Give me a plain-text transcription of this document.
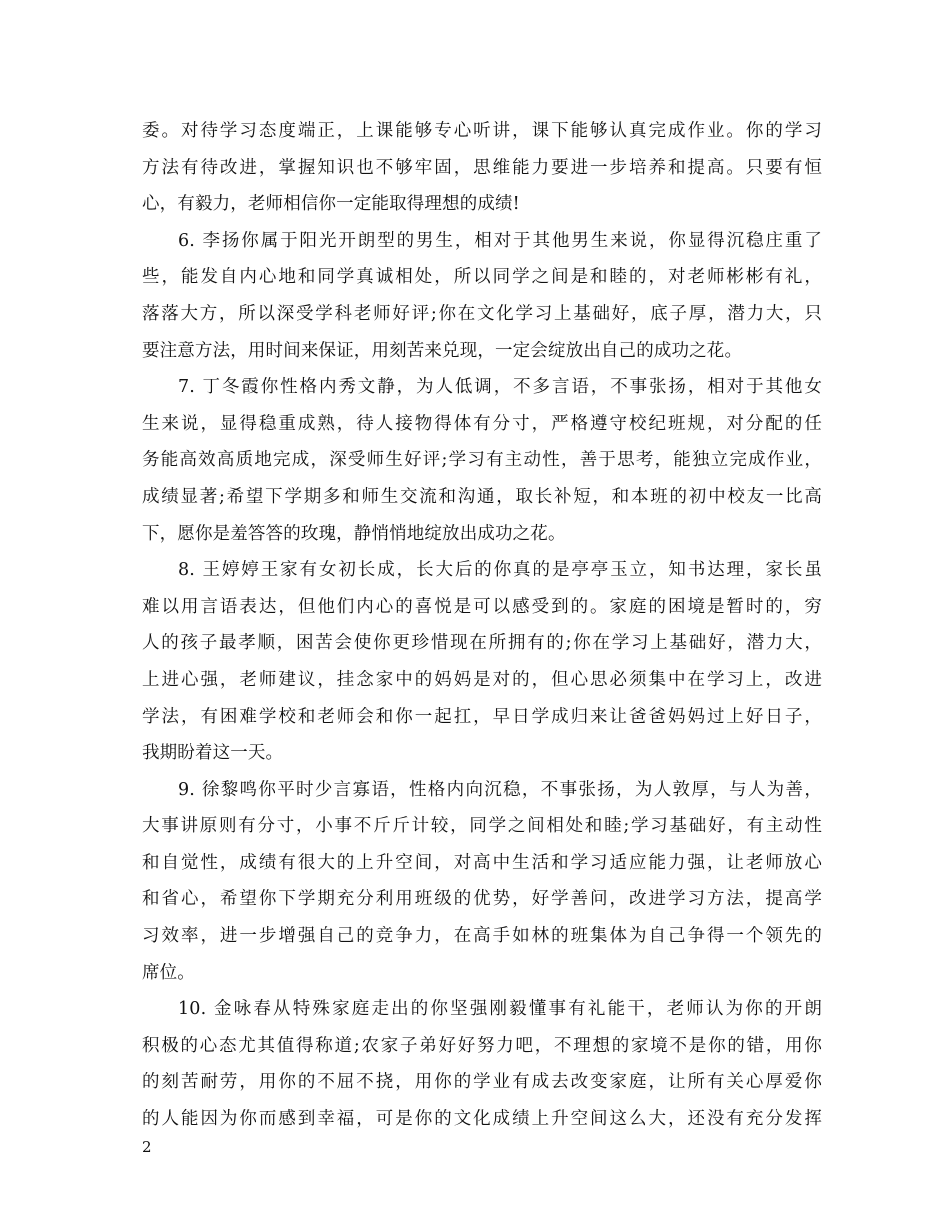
委。对待学习态度端正，上课能够专心听讲，课下能够认真完成作业。你的学习
方法有待改进，掌握知识也不够牢固，思维能力要进一步培养和提高。只要有恒
心，有毅力，老师相信你一定能取得理想的成绩!
6. 李扬你属于阳光开朗型的男生，相对于其他男生来说，你显得沉稳庄重了
些，能发自内心地和同学真诚相处，所以同学之间是和睦的，对老师彬彬有礼，
落落大方，所以深受学科老师好评;你在文化学习上基础好，底子厚，潜力大，只
要注意方法，用时间来保证，用刻苦来兑现，一定会绽放出自己的成功之花。
7. 丁冬霞你性格内秀文静，为人低调，不多言语，不事张扬，相对于其他女
生来说，显得稳重成熟，待人接物得体有分寸，严格遵守校纪班规，对分配的任
务能高效高质地完成，深受师生好评;学习有主动性，善于思考，能独立完成作业，
成绩显著;希望下学期多和师生交流和沟通，取长补短，和本班的初中校友一比高
下，愿你是羞答答的玫瑰，静悄悄地绽放出成功之花。
8. 王婷婷王家有女初长成，长大后的你真的是亭亭玉立，知书达理，家长虽
难以用言语表达，但他们内心的喜悦是可以感受到的。家庭的困境是暂时的，穷
人的孩子最孝顺，困苦会使你更珍惜现在所拥有的;你在学习上基础好，潜力大，
上进心强，老师建议，挂念家中的妈妈是对的，但心思必须集中在学习上，改进
学法，有困难学校和老师会和你一起扛，早日学成归来让爸爸妈妈过上好日子，
我期盼着这一天。
9. 徐黎鸣你平时少言寡语，性格内向沉稳，不事张扬，为人敦厚，与人为善，
大事讲原则有分寸，小事不斤斤计较，同学之间相处和睦;学习基础好，有主动性
和自觉性，成绩有很大的上升空间，对高中生活和学习适应能力强，让老师放心
和省心，希望你下学期充分利用班级的优势，好学善问，改进学习方法，提高学
习效率，进一步增强自己的竞争力，在高手如林的班集体为自己争得一个领先的
席位。
10. 金咏春从特殊家庭走出的你坚强刚毅懂事有礼能干，老师认为你的开朗
积极的心态尤其值得称道;农家子弟好好努力吧，不理想的家境不是你的错，用你
的刻苦耐劳，用你的不屈不挠，用你的学业有成去改变家庭，让所有关心厚爱你
的人能因为你而感到幸福，可是你的文化成绩上升空间这么大，还没有充分发挥
2
